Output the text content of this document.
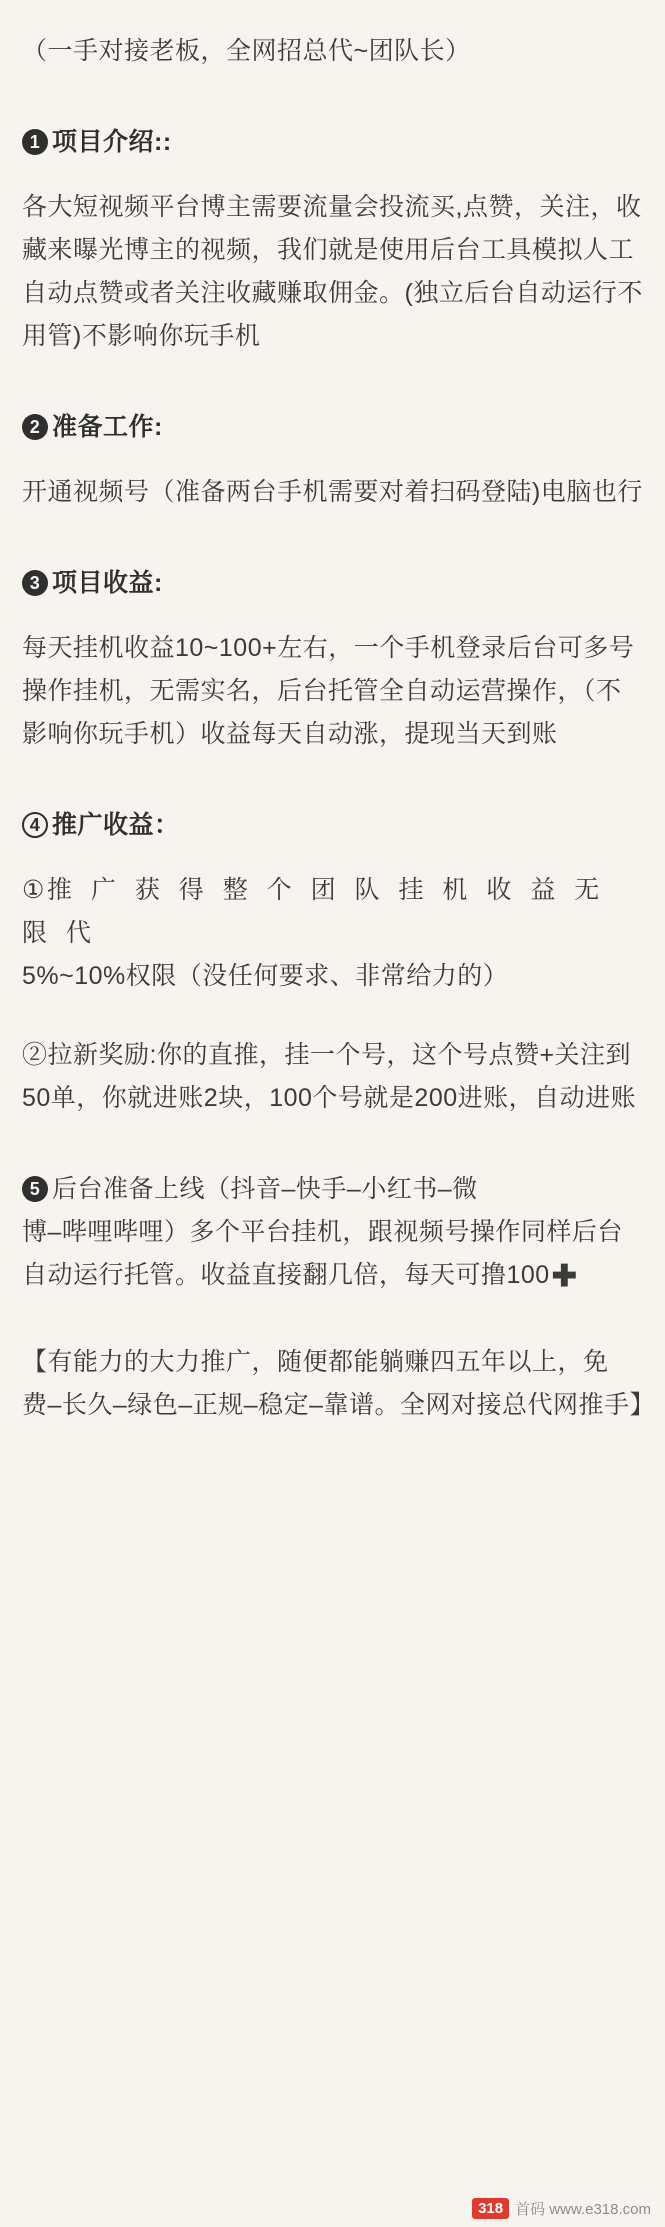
（一手对接老板，全网招总代~团队长）

1 项目介绍::

各大短视频平台博主需要流量会投流买,点赞，关注，收藏来曝光博主的视频，我们就是使用后台工具模拟人工自动点赞或者关注收藏赚取佣金。(独立后台自动运行不用管)不影响你玩手机

2 准备工作:

开通视频号（准备两台手机需要对着扫码登陆)电脑也行

3 项目收益:

每天挂机收益10~100+左右，一个手机登录后台可多号操作挂机，无需实名，后台托管全自动运营操作，（不影响你玩手机）收益每天自动涨，提现当天到账

4 推广收益：

①推 广 获 得 整 个 团 队 挂 机 收 益 无 限 代
5%~10%权限（没任何要求、非常给力的）

②拉新奖励:你的直推，挂一个号，这个号点赞+关注到50单，你就进账2块，100个号就是200进账，自动进账

5 后台准备上线（抖音–快手–小红书–微
博–哔哩哔哩）多个平台挂机，跟视频号操作同样后台自动运行托管。收益直接翻几倍，每天可撸100✚

【有能力的大力推广，随便都能躺赚四五年以上，免费–长久–绿色–正规–稳定–靠谱。全网对接总代网推手】

318 首码 www.e318.com
